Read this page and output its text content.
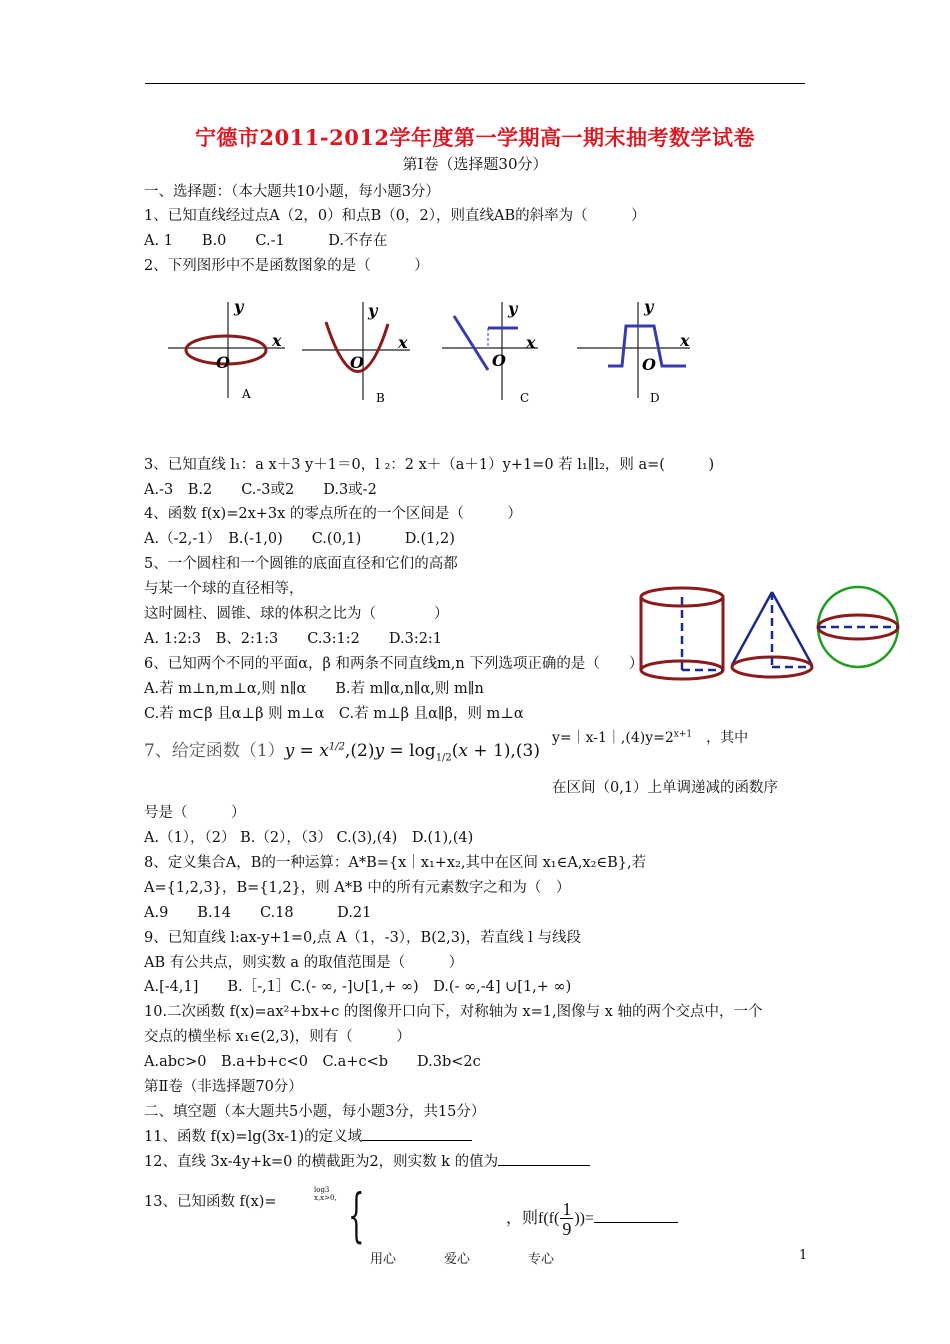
宁德市2011-2012学年度第一学期高一期末抽考数学试卷
第Ⅰ卷（选择题30分）
一、选择题：（本大题共10小题，每小题3分）
1、已知直线经过点A（2，0）和点B（0，2），则直线AB的斜率为（　　　）
A. 1　　B.0　　C.-1　　　D.不存在
2、下列图形中不是函数图象的是（　　　）
y
x
O
A
y
x
O
B
y
x
O
C
y
x
O
D
3、已知直线 l₁：a x＋3 y＋1＝0，l ₂：2 x＋（a＋1）y+1=0 若 l₁∥l₂，则 a=(　　　)
A.-3　B.2　　C.-3或2　　D.3或-2
4、函数 f(x)=2x+3x 的零点所在的一个区间是（　　　）
A.（-2,-1）　B.(-1,0)　　C.(0,1)　　　D.(1,2)
5、一个圆柱和一个圆锥的底面直径和它们的高都
与某一个球的直径相等，
这时圆柱、圆锥、球的体积之比为（　　　　）
A. 1:2:3　B、2:1:3　　C.3:1:2　　D.3:2:1
6、已知两个不同的平面α，β 和两条不同直线m,n 下列选项正确的是（　　）
A.若 m⊥n,m⊥α,则 n∥α　　B.若 m∥α,n∥α,则 m∥n
C.若 m⊂β 且α⊥β 则 m⊥α　C.若 m⊥β 且α∥β，则 m⊥α
7、给定函数$(1)y = x^{1/2},(2)y = \log_{1/2}(x + 1),(3)$
$y=|x-1|,(4)y=2^{x+1}$　 ，其中
在区间（0,1）上单调递减的函数序
号是（　　　）
A.（1），（2） B.（2），（3） C.(3),(4)　D.(1),(4)
8、定义集合A，B的一种运算：A*B={x｜x₁+x₂,其中在区间 x₁∈A,x₂∈B},若
A={1,2,3}，B={1,2}，则 A*B 中的所有元素数字之和为（　）
A.9　　B.14　　C.18　　　D.21
9、已知直线 l:ax-y+1=0,点 A（1，-3），B(2,3)，若直线 l 与线段
AB 有公共点，则实数 a 的取值范围是（　　　）
A.[-4,1]　　B.［-,1］C.(- ∞, -]∪[1,+ ∞)　D.(- ∞,-4] ∪[1,+ ∞)
10.二次函数 f(x)=ax²+bx+c 的图像开口向下，对称轴为 x=1,图像与 x 轴的两个交点中，一个
交点的横坐标 x₁∈(2,3)，则有（　　　）
A.abc>0　B.a+b+c<0　C.a+c<b　　D.3b<2c
第Ⅱ卷（非选择题70分）
二、填空题（本大题共5小题，每小题3分，共15分）
11、函数 f(x)=lg(3x-1)的定义域
12、直线 3x-4y+k=0 的横截距为2，则实数 k 的值为
13、已知函数 f(x)=
log3
x,x>0, {	，则$f(f( \frac{1}{9}$ ))=
用心	爱心	专心	1
